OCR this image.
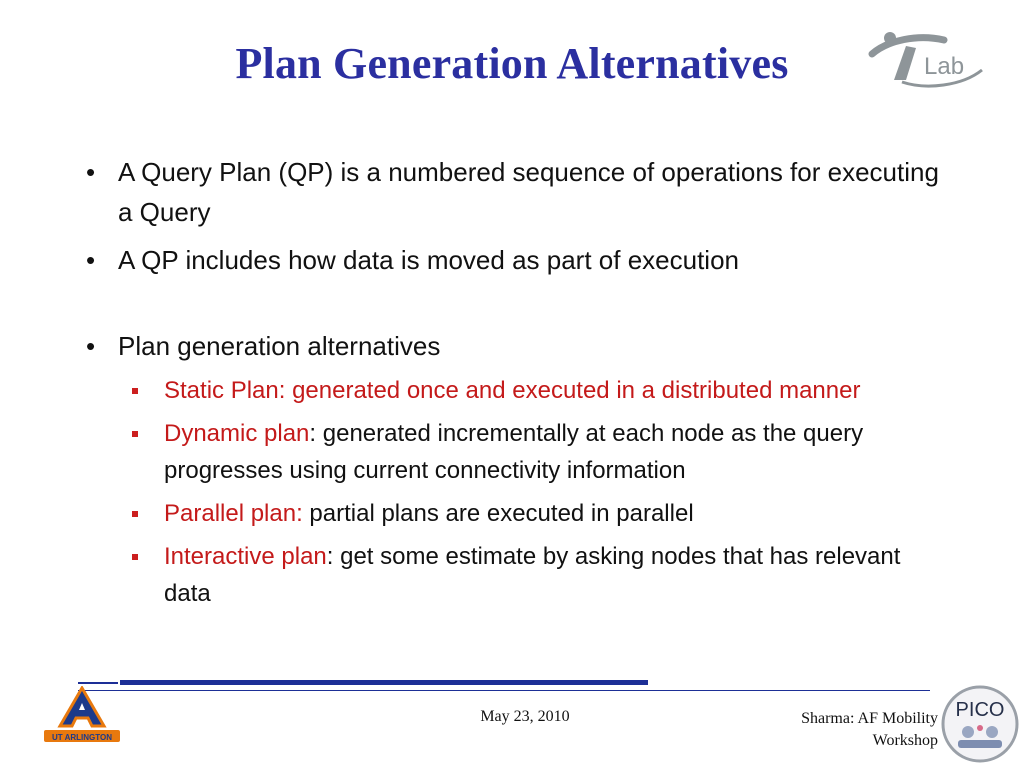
Plan Generation Alternatives	Lab
• A Query Plan (QP) is a numbered sequence of operations for executing a Query
• A QP includes how data is moved as part of execution
• Plan generation alternatives
Static Plan: generated once and executed in a distributed manner
Dynamic plan: generated incrementally at each node as the query progresses using current connectivity information
Parallel plan: partial plans are executed in parallel
Interactive plan: get some estimate by asking nodes that has relevant data
UT ARLINGTON
May 23, 2010	Sharma: AF Mobility
Workshop
PICO
